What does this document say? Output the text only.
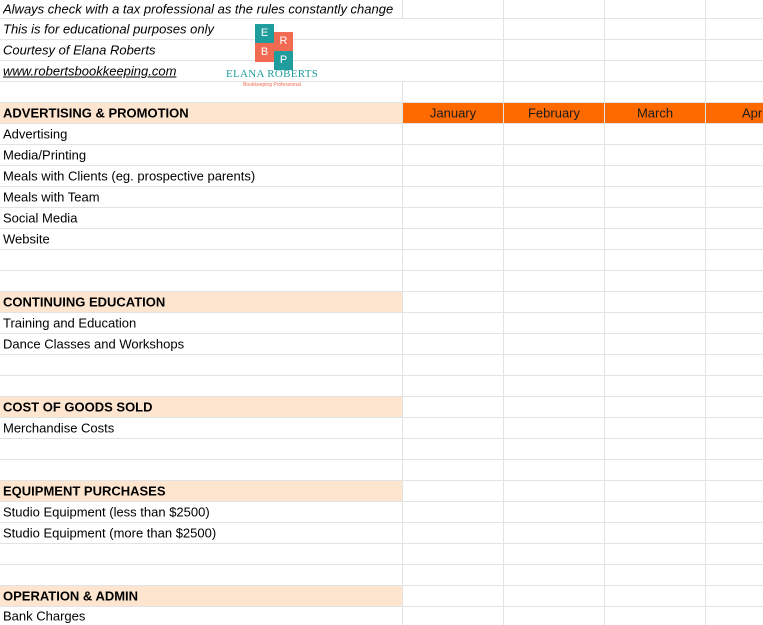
Always check with a tax professional as the rules constantly change
This is for educational purposes only
Courtesy of Elana Roberts
www.robertsbookkeeping.com
E
R
B
P
ELANA ROBERTS
Bookkeeping Professional
ADVERTISING & PROMOTION	January	February	March	Apr
Advertising
Media/Printing
Meals with Clients (eg. prospective parents)
Meals with Team
Social Media
Website
CONTINUING EDUCATION
Training and Education
Dance Classes and Workshops
COST OF GOODS SOLD
Merchandise Costs
EQUIPMENT PURCHASES
Studio Equipment (less than $2500)
Studio Equipment (more than $2500)
OPERATION & ADMIN
Bank Charges
